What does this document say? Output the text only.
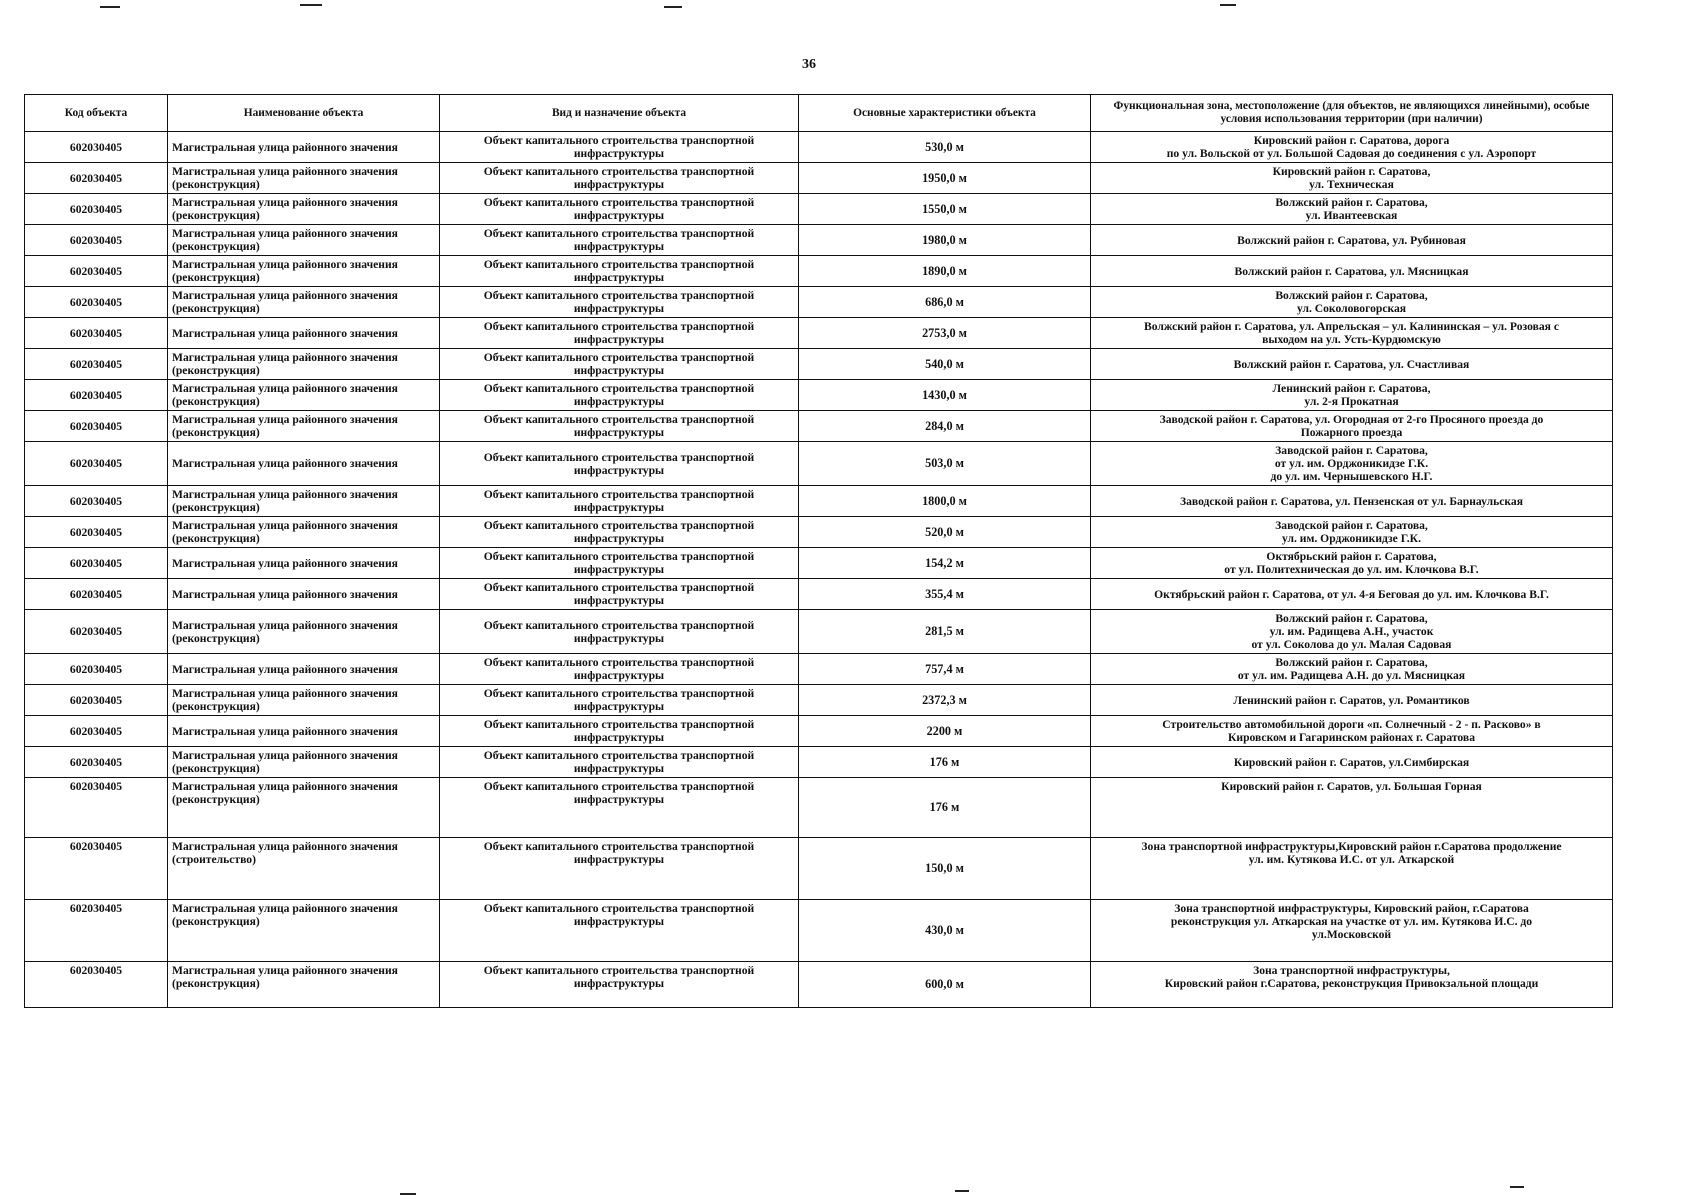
36
Код объекта	Наименование объекта	Вид и назначение объекта	Основные характеристики объекта	Функциональная зона, местоположение (для объектов, не являющихся линейными), особые условия использования территории (при наличии)
602030405	Магистральная улица районного значения	Объект капитального строительства транспортной инфраструктуры	530,0 м	Кировский район г. Саратова, дорога
по ул. Вольской от ул. Большой Садовая до соединения с ул. Аэропорт

602030405	Магистральная улица районного значения (реконструкция)	Объект капитального строительства транспортной инфраструктуры	1950,0 м	Кировский район г. Саратова,
ул. Техническая

602030405	Магистральная улица районного значения (реконструкция)	Объект капитального строительства транспортной инфраструктуры	1550,0 м	Волжский район г. Саратова,
ул. Ивантеевская

602030405	Магистральная улица районного значения (реконструкция)	Объект капитального строительства транспортной инфраструктуры	1980,0 м	Волжский район г. Саратова, ул. Рубиновая

602030405	Магистральная улица районного значения (реконструкция)	Объект капитального строительства транспортной инфраструктуры	1890,0 м	Волжский район г. Саратова, ул. Мясницкая

602030405	Магистральная улица районного значения (реконструкция)	Объект капитального строительства транспортной инфраструктуры	686,0 м	Волжский район г. Саратова,
ул. Соколовогорская

602030405	Магистральная улица районного значения	Объект капитального строительства транспортной инфраструктуры	2753,0 м	Волжский район г. Саратова, ул. Апрельская – ул. Калининская – ул. Розовая с
выходом на ул. Усть-Курдюмскую

602030405	Магистральная улица районного значения (реконструкция)	Объект капитального строительства транспортной инфраструктуры	540,0 м	Волжский район г. Саратова, ул. Счастливая

602030405	Магистральная улица районного значения (реконструкция)	Объект капитального строительства транспортной инфраструктуры	1430,0 м	Ленинский район г. Саратова,
ул. 2-я Прокатная

602030405	Магистральная улица районного значения (реконструкция)	Объект капитального строительства транспортной инфраструктуры	284,0 м	Заводской район г. Саратова, ул. Огородная от 2-го Просяного проезда до
Пожарного проезда

602030405	Магистральная улица районного значения	Объект капитального строительства транспортной инфраструктуры	503,0 м	Заводской район г. Саратова,
от ул. им. Орджоникидзе Г.К.
до ул. им. Чернышевского Н.Г.

602030405	Магистральная улица районного значения (реконструкция)	Объект капитального строительства транспортной инфраструктуры	1800,0 м	Заводской район г. Саратова, ул. Пензенская от ул. Барнаульская

602030405	Магистральная улица районного значения (реконструкция)	Объект капитального строительства транспортной инфраструктуры	520,0 м	Заводской район г. Саратова,
ул. им. Орджоникидзе Г.К.

602030405	Магистральная улица районного значения	Объект капитального строительства транспортной инфраструктуры	154,2 м	Октябрьский район г. Саратова,
от ул. Политехническая до ул. им. Клочкова В.Г.

602030405	Магистральная улица районного значения	Объект капитального строительства транспортной инфраструктуры	355,4 м	Октябрьский район г. Саратова, от ул. 4-я Беговая до ул. им. Клочкова В.Г.

602030405	Магистральная улица районного значения (реконструкция)	Объект капитального строительства транспортной инфраструктуры	281,5 м	Волжский район г. Саратова,
ул. им. Радищева А.Н., участок
от ул. Соколова до ул. Малая Садовая

602030405	Магистральная улица районного значения	Объект капитального строительства транспортной инфраструктуры	757,4 м	Волжский район г. Саратова,
от ул. им. Радищева А.Н. до ул. Мясницкая

602030405	Магистральная улица районного значения (реконструкция)	Объект капитального строительства транспортной инфраструктуры	2372,3 м	Ленинский район г. Саратов, ул. Романтиков

602030405	Магистральная улица районного значения	Объект капитального строительства транспортной инфраструктуры	2200 м	Строительство автомобильной дороги «п. Солнечный - 2 - п. Расково» в
Кировском и Гагаринском районах г. Саратова

602030405	Магистральная улица районного значения (реконструкция)	Объект капитального строительства транспортной инфраструктуры	176 м	Кировский район г. Саратов, ул.Симбирская

602030405	Магистральная улица районного значения (реконструкция)	Объект капитального строительства транспортной инфраструктуры	176 м	Кировский район г. Саратов, ул. Большая Горная

602030405	Магистральная улица районного значения (строительство)	Объект капитального строительства транспортной инфраструктуры	150,0 м	Зона транспортной инфраструктуры,Кировский район г.Саратова продолжение
ул. им. Кутякова И.С. от ул. Аткарской

602030405	Магистральная улица районного значения (реконструкция)	Объект капитального строительства транспортной инфраструктуры	430,0 м	Зона транспортной инфраструктуры, Кировский район, г.Саратова
реконструкция ул. Аткарская на участке от ул. им. Кутякова И.С. до
ул.Московской

602030405	Магистральная улица районного значения (реконструкция)	Объект капитального строительства транспортной инфраструктуры	600,0 м	Зона транспортной инфраструктуры,
Кировский район г.Саратова, реконструкция Привокзальной площади
